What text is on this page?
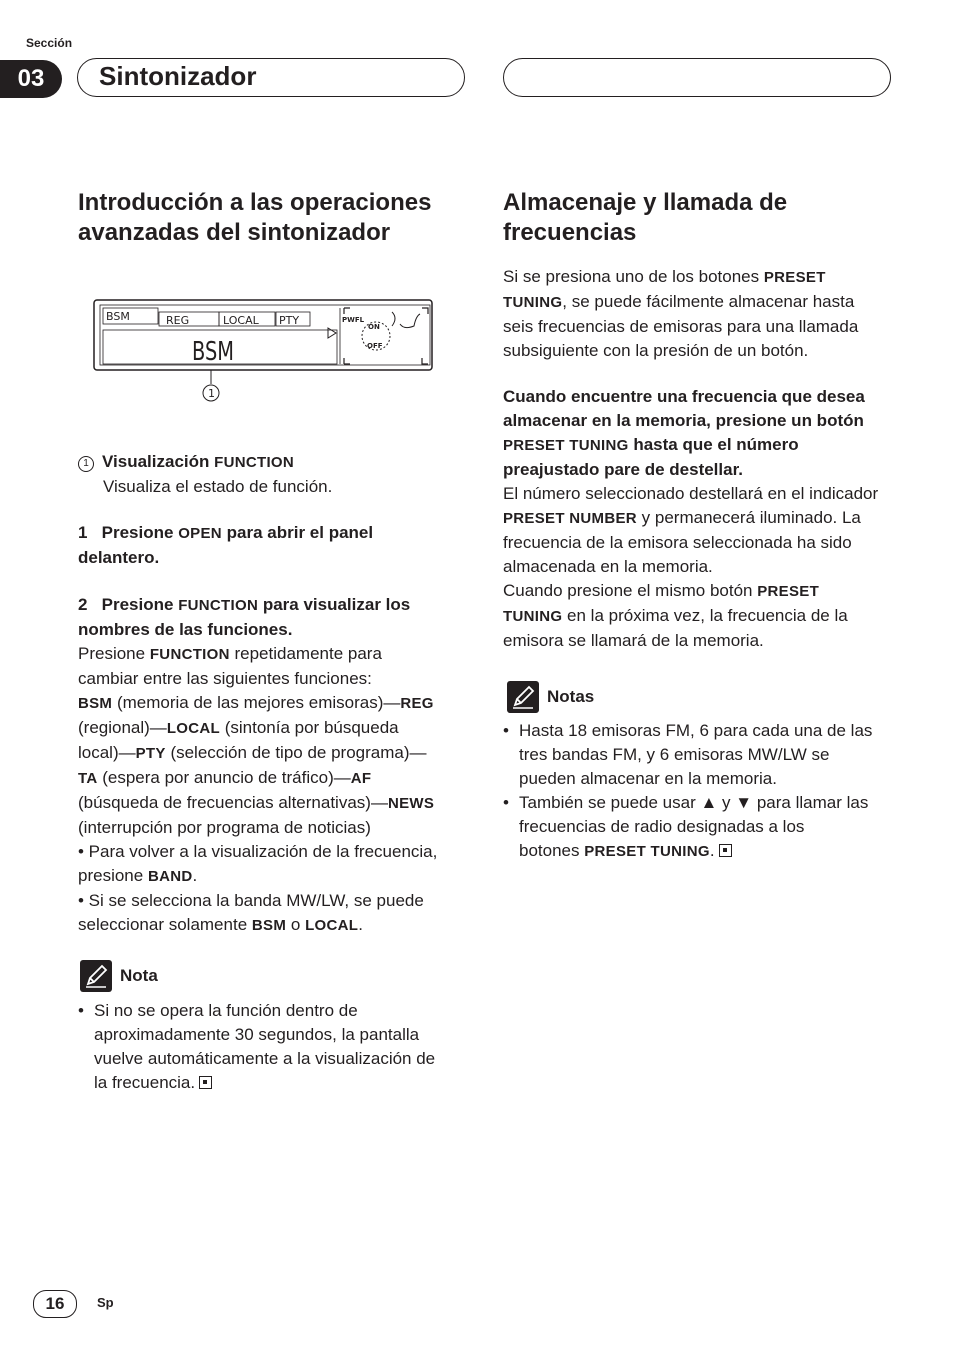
Sección
03	Sintonizador
Introducción a las operaciones
avanzadas del sintonizador
BSM	REG	LOCAL PTY
BSM
PWFL
ON
OFF
1
1 Visualización FUNCTION
Visualiza el estado de función.
1 Presione OPEN para abrir el panel
delantero.
2 Presione FUNCTION para visualizar los
nombres de las funciones.
Presione FUNCTION repetidamente para
cambiar entre las siguientes funciones:
BSM (memoria de las mejores emisoras)—REG
(regional)—LOCAL (sintonía por búsqueda
local)—PTY (selección de tipo de programa)—
TA (espera por anuncio de tráfico)—AF
(búsqueda de frecuencias alternativas)—NEWS
(interrupción por programa de noticias)
• Para volver a la visualización de la frecuencia,
presione BAND.
• Si se selecciona la banda MW/LW, se puede
seleccionar solamente BSM o LOCAL.
Nota
• Si no se opera la función dentro de
aproximadamente 30 segundos, la pantalla
vuelve automáticamente a la visualización de
la frecuencia.
Almacenaje y llamada de
frecuencias
Si se presiona uno de los botones PRESET
TUNING, se puede fácilmente almacenar hasta
seis frecuencias de emisoras para una llamada
subsiguiente con la presión de un botón.
Cuando encuentre una frecuencia que desea
almacenar en la memoria, presione un botón
PRESET TUNING hasta que el número
preajustado pare de destellar.
El número seleccionado destellará en el indicador
PRESET NUMBER y permanecerá iluminado. La
frecuencia de la emisora seleccionada ha sido
almacenada en la memoria.
Cuando presione el mismo botón PRESET
TUNING en la próxima vez, la frecuencia de la
emisora se llamará de la memoria.
Notas
• Hasta 18 emisoras FM, 6 para cada una de las
tres bandas FM, y 6 emisoras MW/LW se
pueden almacenar en la memoria.
• También se puede usar ▲ y ▼ para llamar las
frecuencias de radio designadas a los
botones PRESET TUNING.
16	Sp
